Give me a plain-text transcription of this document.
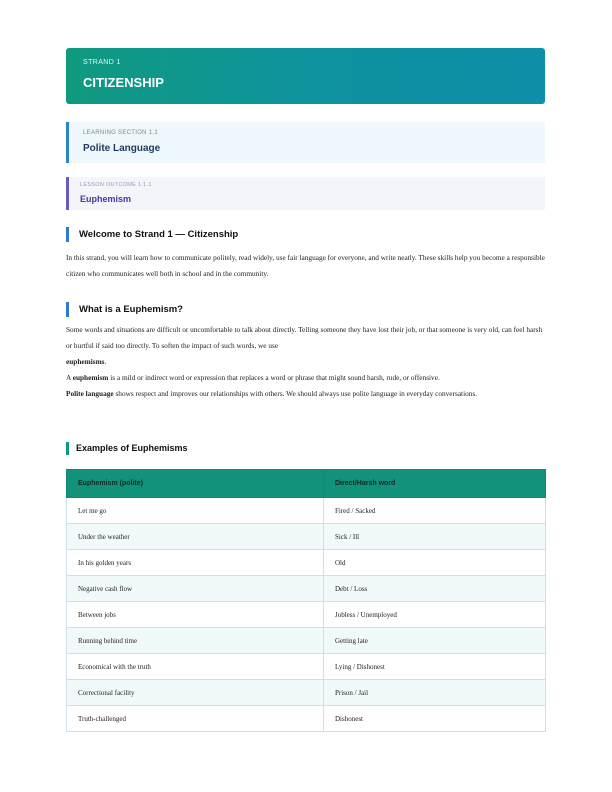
STRAND 1
CITIZENSHIP
LEARNING SECTION 1.1
Polite Language
LESSON OUTCOME 1.1.1
Euphemism
Welcome to Strand 1 — Citizenship

In this strand, you will learn how to communicate politely, read widely, use fair language for everyone, and write neatly. These skills help you become a responsible citizen who communicates well both in school and in the community.

What is a Euphemism?

Some words and situations are difficult or uncomfortable to talk about directly. Telling someone they have lost their job, or that someone is very old, can feel harsh or hurtful if said too directly. To soften the impact of such words, we use
euphemisms.

A euphemism is a mild or indirect word or expression that replaces a word or phrase that might sound harsh, rude, or offensive.

Polite language shows respect and improves our relationships with others. We should always use polite language in everyday conversations.

Examples of Euphemisms
Euphemism (polite)	Direct/Harsh word
Let me go	Fired / Sacked
Under the weather	Sick / Ill
In his golden years	Old
Negative cash flow	Debt / Loss
Between jobs	Jobless / Unemployed
Running behind time	Getting late
Economical with the truth	Lying / Dishonest
Correctional facility	Prison / Jail
Truth-challenged	Dishonest
